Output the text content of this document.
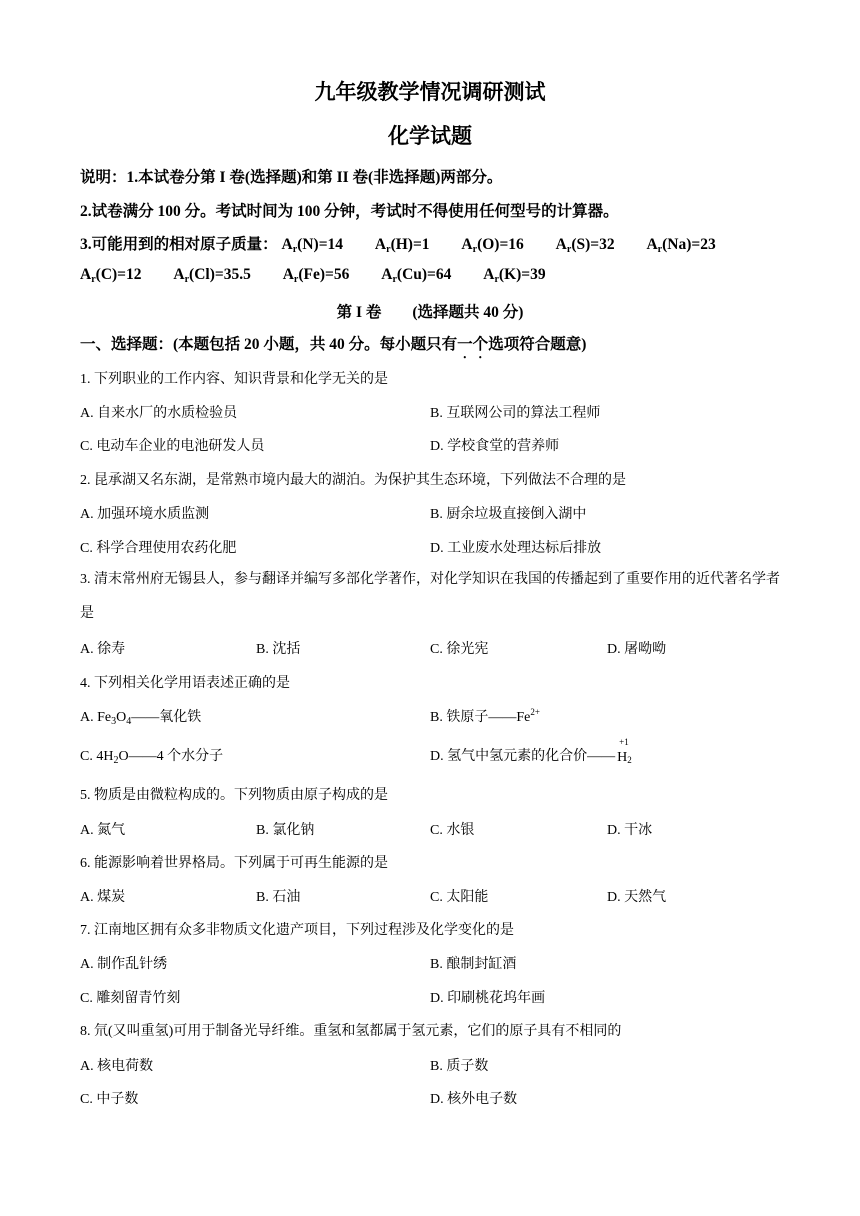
九年级教学情况调研测试
化学试题
说明：1.本试卷分第 I 卷(选择题)和第 II 卷(非选择题)两部分。
2.试卷满分 100 分。考试时间为 100 分钟，考试时不得使用任何型号的计算器。
3.可能用到的相对原子质量： $A_r(N)=14$ $A_r(H)=1$ $A_r(O)=16$ $A_r(S)=32$ $A_r(Na)=23$
$A_r(C)=12$ $A_r(Cl)=35.5$ $A_r(Fe)=56$ $A_r(Cu)=64$ $A_r(K)=39$
第 I 卷　　(选择题共 40 分)
一、选择题：(本题包括 20 小题，共 40 分。每小题只有一个选项符合题意)
1. 下列职业的工作内容、知识背景和化学无关的是
A. 自来水厂的水质检验员	B. 互联网公司的算法工程师
C. 电动车企业的电池研发人员	D. 学校食堂的营养师
2. 昆承湖又名东湖，是常熟市境内最大的湖泊。为保护其生态环境，下列做法不合理的是
A. 加强环境水质监测	B. 厨余垃圾直接倒入湖中
C. 科学合理使用农药化肥	D. 工业废水处理达标后排放
3. 清末常州府无锡县人，参与翻译并编写多部化学著作，对化学知识在我国的传播起到了重要作用的近代著名学者是
A. 徐寿	B. 沈括	C. 徐光宪	D. 屠呦呦
4. 下列相关化学用语表述正确的是
A. $Fe_3O_4——$氧化铁	B. 铁原子$——Fe^{2+}$
C. $4H_2O——4$ 个水分子	D. 氢气中氢元素的化合价——
+1
H2
5. 物质是由微粒构成的。下列物质由原子构成的是
A. 氮气	B. 氯化钠	C. 水银	D. 干冰
6. 能源影响着世界格局。下列属于可再生能源的是
A. 煤炭	B. 石油	C. 太阳能	D. 天然气
7. 江南地区拥有众多非物质文化遗产项目，下列过程涉及化学变化的是
A. 制作乱针绣	B. 酿制封缸酒
C. 雕刻留青竹刻	D. 印刷桃花坞年画
8. 氘(又叫重氢)可用于制备光导纤维。重氢和氢都属于氢元素，它们的原子具有不相同的
A. 核电荷数	B. 质子数
C. 中子数	D. 核外电子数
